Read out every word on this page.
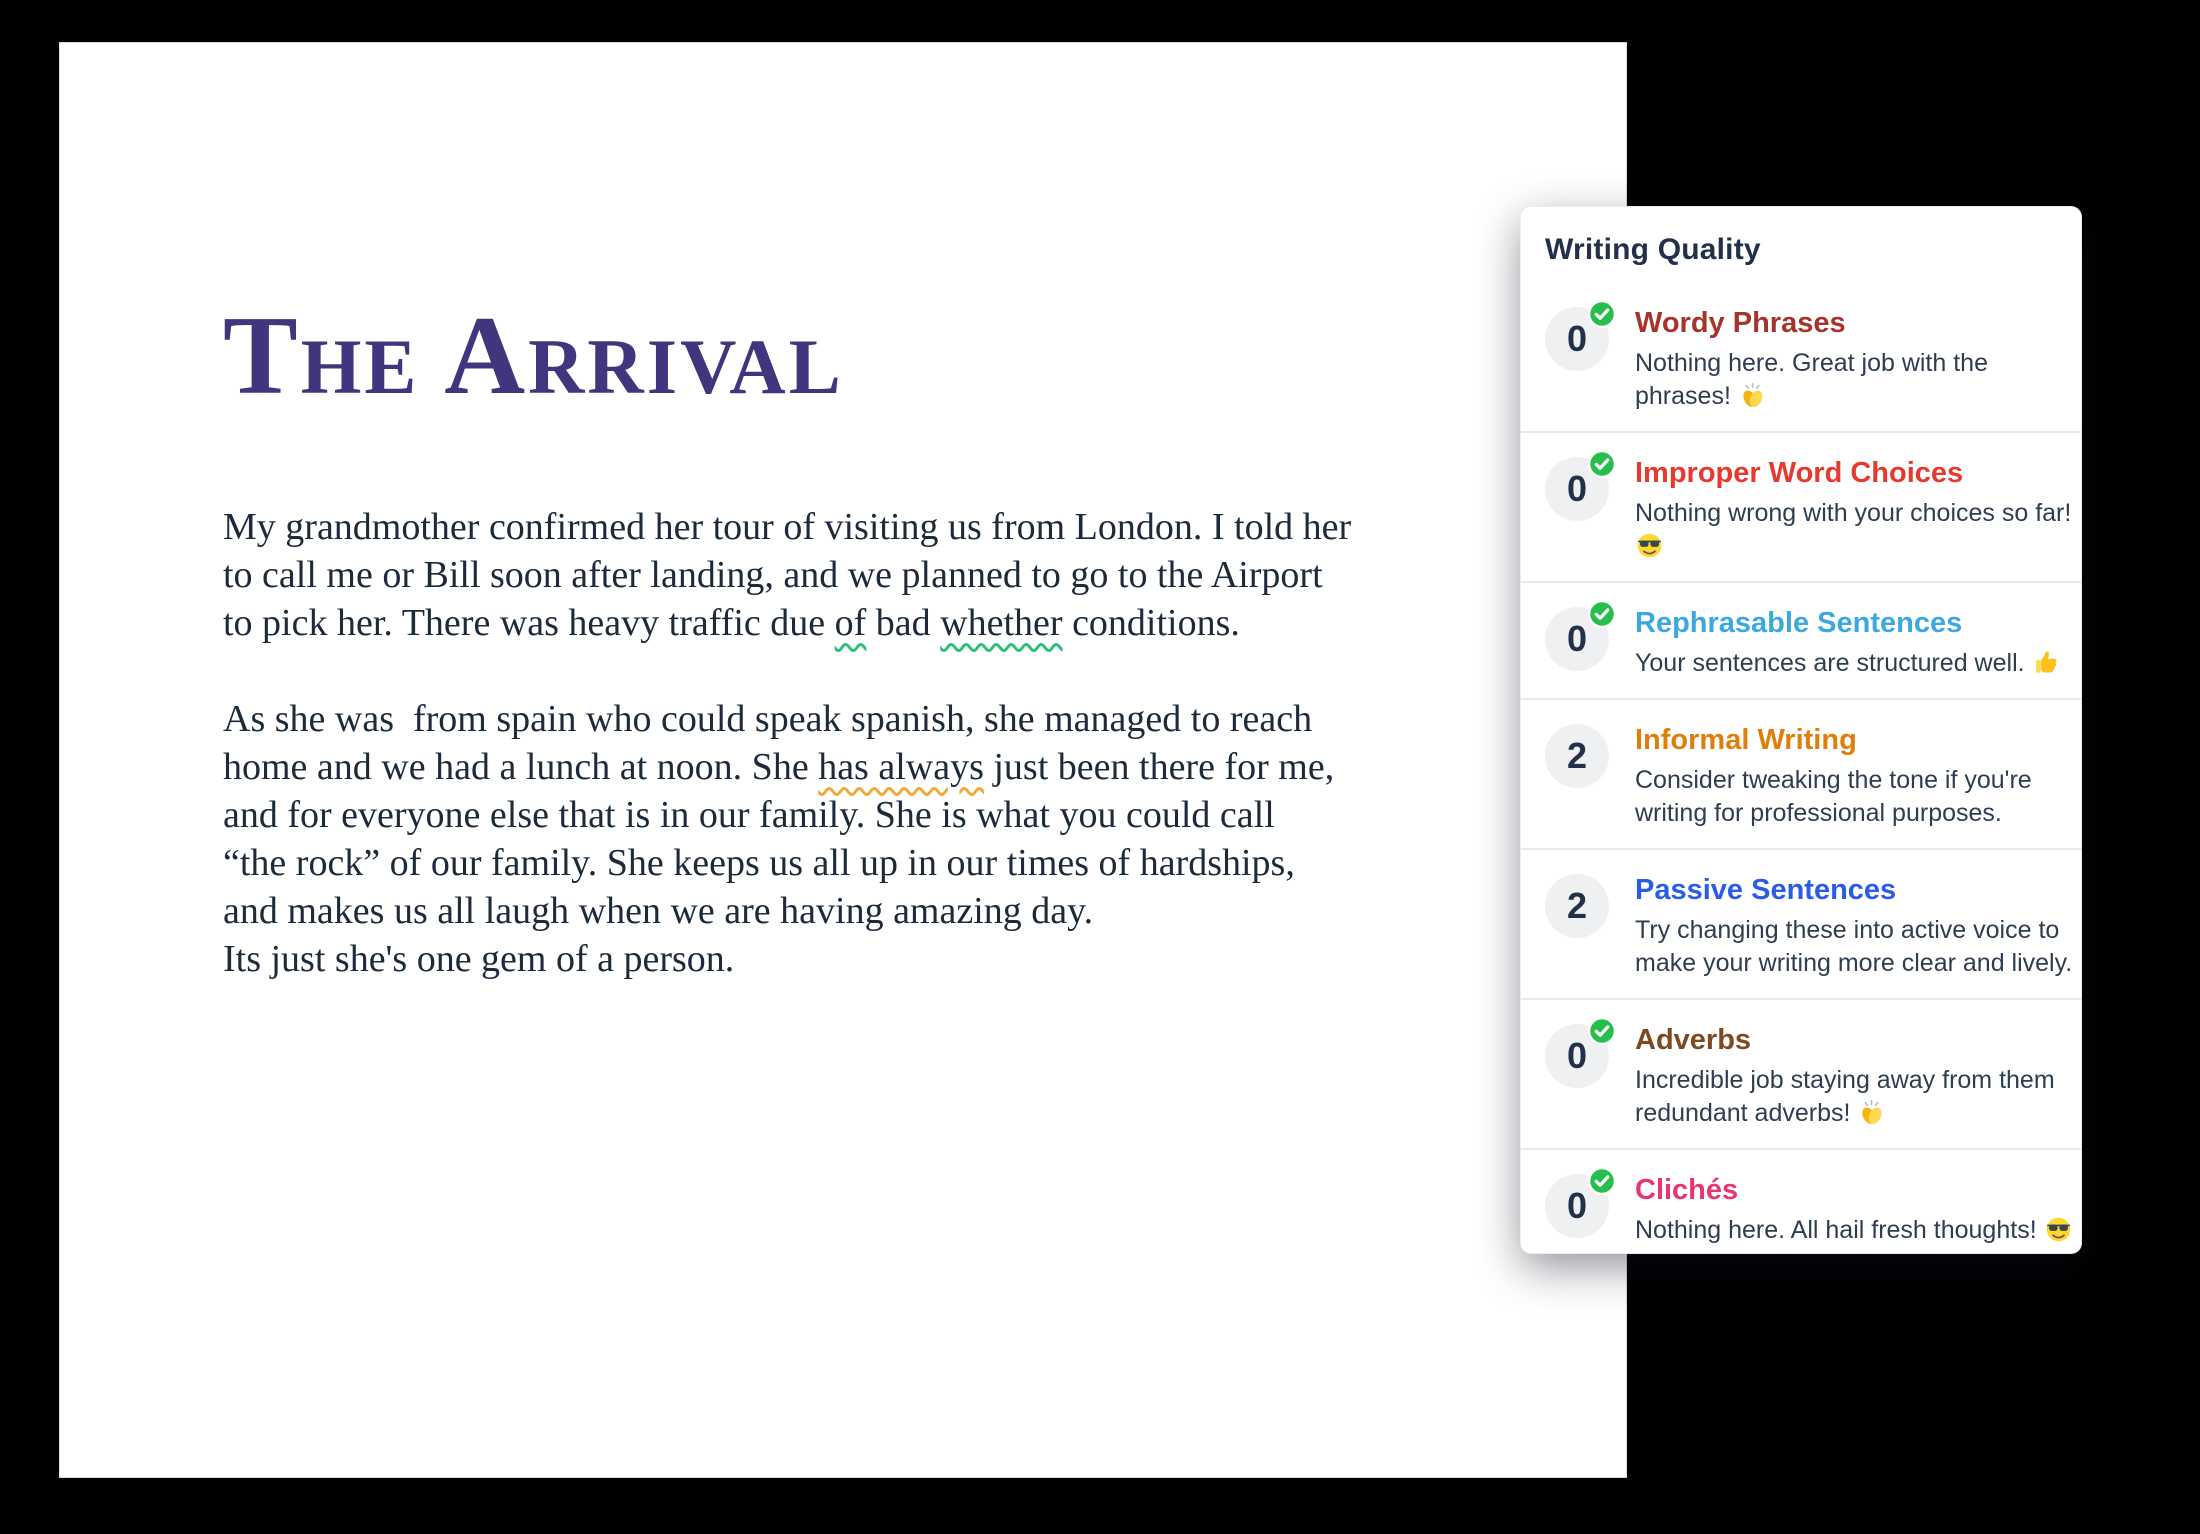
The Arrival
My grandmother confirmed her tour of visiting us from London. I told her
to call me or Bill soon after landing, and we planned to go to the Airport
to pick her. There was heavy traffic due of bad whether conditions.
As she was  from spain who could speak spanish, she managed to reach
home and we had a lunch at noon. She has always just been there for me,
and for everyone else that is in our family. She is what you could call
“the rock” of our family. She keeps us all up in our times of hardships,
and makes us all laugh when we are having amazing day.
Its just she's one gem of a person.
Writing Quality
0 Wordy Phrases
Nothing here. Great job with the
phrases!
0 Improper Word Choices
Nothing wrong with your choices so far!
0 Rephrasable Sentences
Your sentences are structured well.
2 Informal Writing
Consider tweaking the tone if you're
writing for professional purposes.
2 Passive Sentences
Try changing these into active voice to
make your writing more clear and lively.
0 Adverbs
Incredible job staying away from them
redundant adverbs!
0 Clichés
Nothing here. All hail fresh thoughts!
